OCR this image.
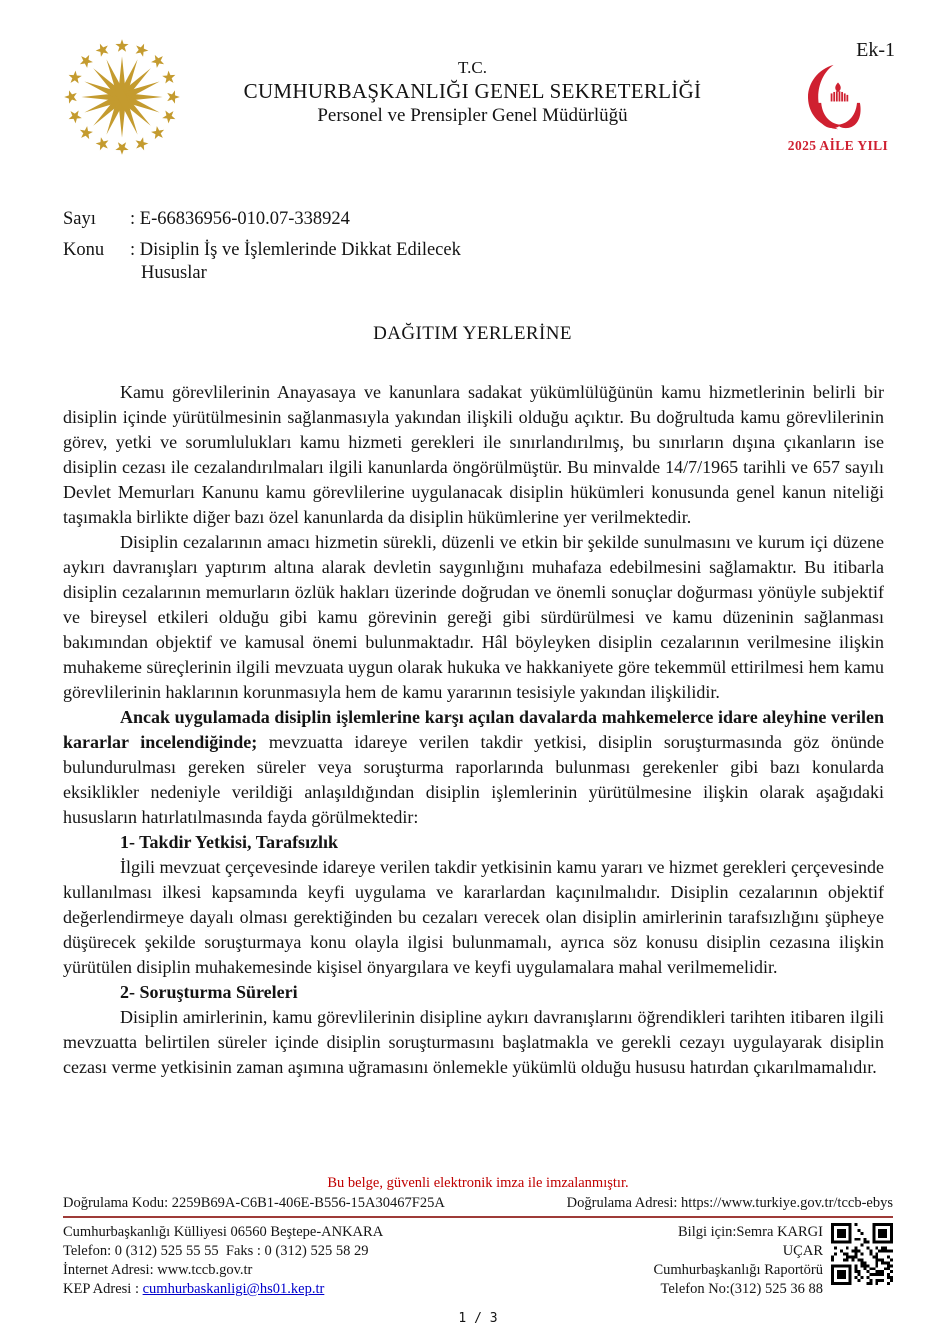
T.C.
CUMHURBAŞKANLIĞI GENEL SEKRETERLİĞİ
Personel ve Prensipler Genel Müdürlüğü
Ek-1
2025 AİLE YILI
Sayı	: E-66836956-010.07-338924
Konu	: Disiplin İş ve İşlemlerinde Dikkat Edilecek
Hususlar
DAĞITIM YERLERİNE

Kamu görevlilerinin Anayasaya ve kanunlara sadakat yükümlülüğünün kamu hizmetlerinin belirli bir disiplin içinde yürütülmesinin sağlanmasıyla yakından ilişkili olduğu açıktır. Bu doğrultuda kamu görevlilerinin görev, yetki ve sorumlulukları kamu hizmeti gerekleri ile sınırlandırılmış, bu sınırların dışına çıkanların ise disiplin cezası ile cezalandırılmaları ilgili kanunlarda öngörülmüştür. Bu minvalde 14/7/1965 tarihli ve 657 sayılı Devlet Memurları Kanunu kamu görevlilerine uygulanacak disiplin hükümleri konusunda genel kanun niteliği taşımakla birlikte diğer bazı özel kanunlarda da disiplin hükümlerine yer verilmektedir.

Disiplin cezalarının amacı hizmetin sürekli, düzenli ve etkin bir şekilde sunulmasını ve kurum içi düzene aykırı davranışları yaptırım altına alarak devletin saygınlığını muhafaza edebilmesini sağlamaktır. Bu itibarla disiplin cezalarının memurların özlük hakları üzerinde doğrudan ve önemli sonuçlar doğurması yönüyle subjektif ve bireysel etkileri olduğu gibi kamu görevinin gereği gibi sürdürülmesi ve kamu düzeninin sağlanması bakımından objektif ve kamusal önemi bulunmaktadır. Hâl böyleyken disiplin cezalarının verilmesine ilişkin muhakeme süreçlerinin ilgili mevzuata uygun olarak hukuka ve hakkaniyete göre tekemmül ettirilmesi hem kamu görevlilerinin haklarının korunmasıyla hem de kamu yararının tesisiyle yakından ilişkilidir.

Ancak uygulamada disiplin işlemlerine karşı açılan davalarda mahkemelerce idare aleyhine verilen kararlar incelendiğinde; mevzuatta idareye verilen takdir yetkisi, disiplin soruşturmasında göz önünde bulundurulması gereken süreler veya soruşturma raporlarında bulunması gerekenler gibi bazı konularda eksiklikler nedeniyle verildiği anlaşıldığından disiplin işlemlerinin yürütülmesine ilişkin olarak aşağıdaki hususların hatırlatılmasında fayda görülmektedir:

1- Takdir Yetkisi, Tarafsızlık

İlgili mevzuat çerçevesinde idareye verilen takdir yetkisinin kamu yararı ve hizmet gerekleri çerçevesinde kullanılması ilkesi kapsamında keyfi uygulama ve kararlardan kaçınılmalıdır. Disiplin cezalarının objektif değerlendirmeye dayalı olması gerektiğinden bu cezaları verecek olan disiplin amirlerinin tarafsızlığını şüpheye düşürecek şekilde soruşturmaya konu olayla ilgisi bulunmamalı, ayrıca söz konusu disiplin cezasına ilişkin yürütülen disiplin muhakemesinde kişisel önyargılara ve keyfi uygulamalara mahal verilmemelidir.

2- Soruşturma Süreleri

Disiplin amirlerinin, kamu görevlilerinin disipline aykırı davranışlarını öğrendikleri tarihten itibaren ilgili mevzuatta belirtilen süreler içinde disiplin soruşturmasını başlatmakla ve gerekli cezayı uygulayarak disiplin cezası verme yetkisinin zaman aşımına uğramasını önlemekle yükümlü olduğu hususu hatırdan çıkarılmamalıdır.

Bu belge, güvenli elektronik imza ile imzalanmıştır.
Doğrulama Kodu: 2259B69A-C6B1-406E-B556-15A30467F25A	Doğrulama Adresi: https://www.turkiye.gov.tr/tccb-ebys
Cumhurbaşkanlığı Külliyesi 06560 Beştepe-ANKARA
Telefon: 0 (312) 525 55 55  Faks : 0 (312) 525 58 29
İnternet Adresi: www.tccb.gov.tr
KEP Adresi : cumhurbaskanligi@hs01.kep.tr
Bilgi için:Semra KARGI
UÇAR
Cumhurbaşkanlığı Raportörü
Telefon No:(312) 525 36 88
1 / 3
